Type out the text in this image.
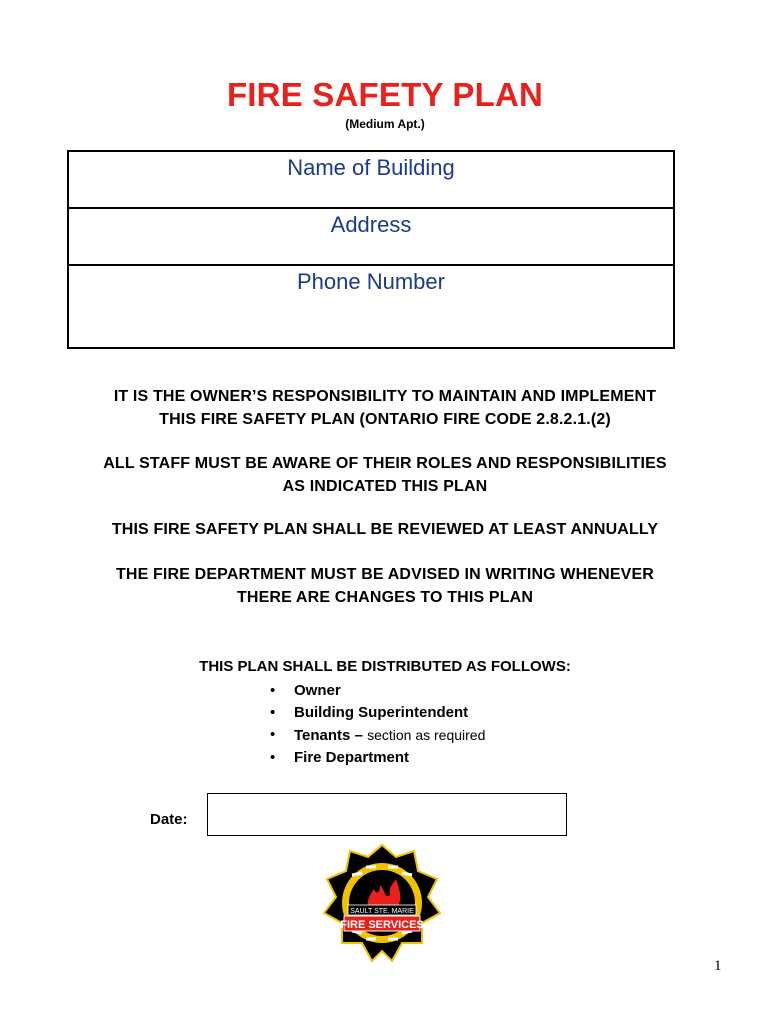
FIRE SAFETY PLAN
(Medium Apt.)
Name of Building
Address
Phone Number
IT IS THE OWNER’S RESPONSIBILITY TO MAINTAIN AND IMPLEMENT
THIS FIRE SAFETY PLAN (ONTARIO FIRE CODE 2.8.2.1.(2)
ALL STAFF MUST BE AWARE OF THEIR ROLES AND RESPONSIBILITIES
AS INDICATED THIS PLAN
THIS FIRE SAFETY PLAN SHALL BE REVIEWED AT LEAST ANNUALLY
THE FIRE DEPARTMENT MUST BE ADVISED IN WRITING WHENEVER
THERE ARE CHANGES TO THIS PLAN
THIS PLAN SHALL BE DISTRIBUTED AS FOLLOWS:
• Owner
• Building Superintendent
• Tenants – section as required
• Fire Department
Date:
SAULT STE. MARIE
FIRE SERVICES
1
